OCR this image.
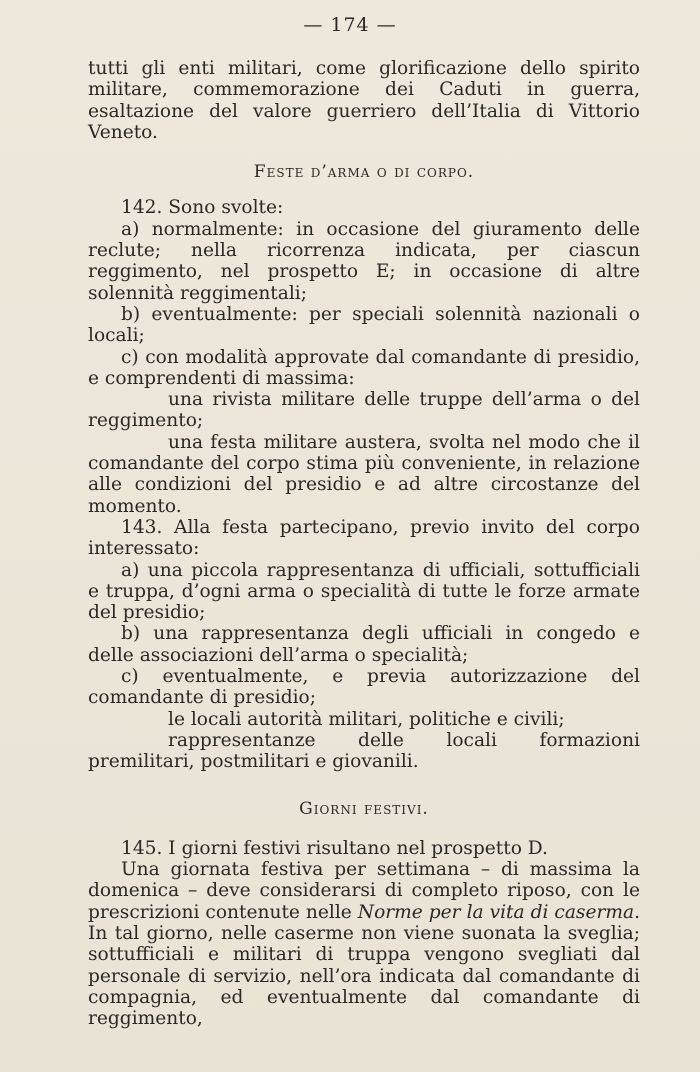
— 174 —

tutti gli enti militari, come glorificazione dello spirito militare, commemorazione dei Caduti in guerra, esaltazione del valore guerriero dell’Italia di Vittorio Veneto.

Feste d’arma o di corpo.

142. Sono svolte:

a) normalmente: in occasione del giuramento delle reclute; nella ricorrenza indicata, per ciascun reggimento, nel prospetto E; in occasione di altre solennità reggimentali;

b) eventualmente: per speciali solennità nazionali o locali;

c) con modalità approvate dal comandante di presidio, e comprendenti di massima:

una rivista militare delle truppe dell’arma o del reggimento;

una festa militare austera, svolta nel modo che il comandante del corpo stima più conveniente, in relazione alle condizioni del presidio e ad altre circostanze del momento.

143. Alla festa partecipano, previo invito del corpo interessato:

a) una piccola rappresentanza di ufficiali, sottufficiali e truppa, d’ogni arma o specialità di tutte le forze armate del presidio;

b) una rappresentanza degli ufficiali in congedo e delle associazioni dell’arma o specialità;

c) eventualmente, e previa autorizzazione del comandante di presidio;

le locali autorità militari, politiche e civili;

rappresentanze delle locali formazioni premilitari, postmilitari e giovanili.

Giorni festivi.

145. I giorni festivi risultano nel prospetto D.

Una giornata festiva per settimana – di massima la domenica – deve considerarsi di completo riposo, con le prescrizioni contenute nelle Norme per la vita di caserma. In tal giorno, nelle caserme non viene suonata la sveglia; sottufficiali e militari di truppa vengono svegliati dal personale di servizio, nell’ora indicata dal comandante di compagnia, ed eventualmente dal comandante di reggimento,
